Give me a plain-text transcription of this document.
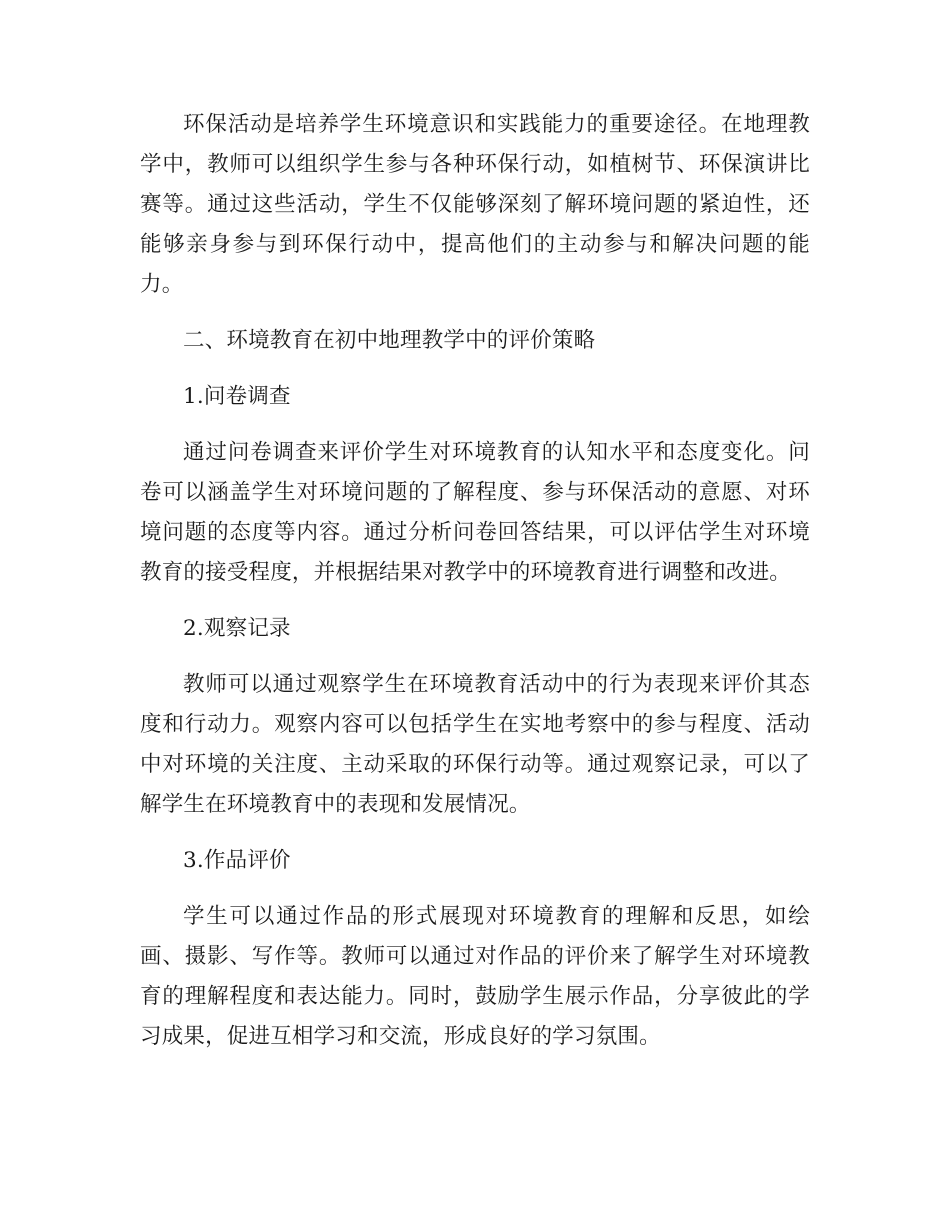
环保活动是培养学生环境意识和实践能力的重要途径。在地理教学中，教师可以组织学生参与各种环保行动，如植树节、环保演讲比赛等。通过这些活动，学生不仅能够深刻了解环境问题的紧迫性，还能够亲身参与到环保行动中，提高他们的主动参与和解决问题的能力。

二、环境教育在初中地理教学中的评价策略

1.问卷调查

通过问卷调查来评价学生对环境教育的认知水平和态度变化。问卷可以涵盖学生对环境问题的了解程度、参与环保活动的意愿、对环境问题的态度等内容。通过分析问卷回答结果，可以评估学生对环境教育的接受程度，并根据结果对教学中的环境教育进行调整和改进。

2.观察记录

教师可以通过观察学生在环境教育活动中的行为表现来评价其态度和行动力。观察内容可以包括学生在实地考察中的参与程度、活动中对环境的关注度、主动采取的环保行动等。通过观察记录，可以了解学生在环境教育中的表现和发展情况。

3.作品评价

学生可以通过作品的形式展现对环境教育的理解和反思，如绘画、摄影、写作等。教师可以通过对作品的评价来了解学生对环境教育的理解程度和表达能力。同时，鼓励学生展示作品，分享彼此的学习成果，促进互相学习和交流，形成良好的学习氛围。
